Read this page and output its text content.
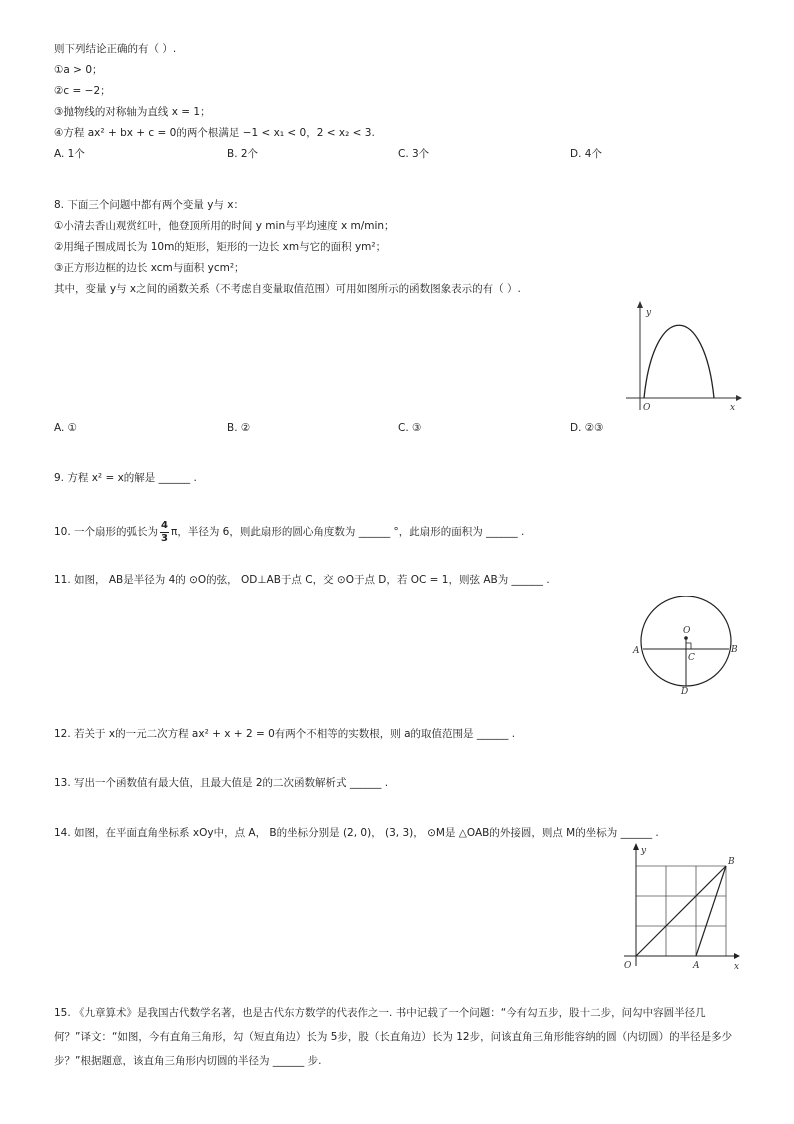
则下列结论正确的有（ ）.
①a > 0；
②c = −2；
③抛物线的对称轴为直线 x = 1；
④方程 ax² + bx + c = 0的两个根满足 −1 < x₁ < 0，2 < x₂ < 3.
A. 1个	B. 2个	C. 3个	D. 4个
8. 下面三个问题中都有两个变量 y与 x：
①小清去香山观赏红叶，他登顶所用的时间 y min与平均速度 x m/min；
②用绳子围成周长为 10m的矩形，矩形的一边长 xm与它的面积 ym²；
③正方形边框的边长 xcm与面积 ycm²；
其中，变量 y与 x之间的函数关系（不考虑自变量取值范围）可用如图所示的函数图象表示的有（ ）.
y
x
O
A. ①	B. ②	C. ③	D. ②③
9. 方程 x² = x的解是 ______ .
10. 一个扇形的弧长为 $\frac{4}{3}$ π，半径为 6，则此扇形的圆心角度数为 ______ °，此扇形的面积为 ______ .
11. 如图， AB是半径为 4的 ⊙O的弦， OD⊥AB于点 C，交 ⊙O于点 D，若 OC = 1，则弦 AB为 ______ .
O
A	B
C
D
12. 若关于 x的一元二次方程 ax² + x + 2 = 0有两个不相等的实数根，则 a的取值范围是 ______ .
13. 写出一个函数值有最大值，且最大值是 2的二次函数解析式 ______ .
14. 如图，在平面直角坐标系 xOy中，点 A， B的坐标分别是 (2, 0)， (3, 3)， ⊙M是 △OAB的外接圆，则点 M的坐标为 ______ .
y
x
O	A
B
15. 《九章算术》是我国古代数学名著，也是古代东方数学的代表作之一. 书中记载了一个问题：“今有勾五步，股十二步，问勾中容圆半径几
何？”译文：“如图，今有直角三角形，勾（短直角边）长为 5步，股（长直角边）长为 12步，问该直角三角形能容纳的圆（内切圆）的半径是多少
步？”根据题意，该直角三角形内切圆的半径为 ______ 步.
